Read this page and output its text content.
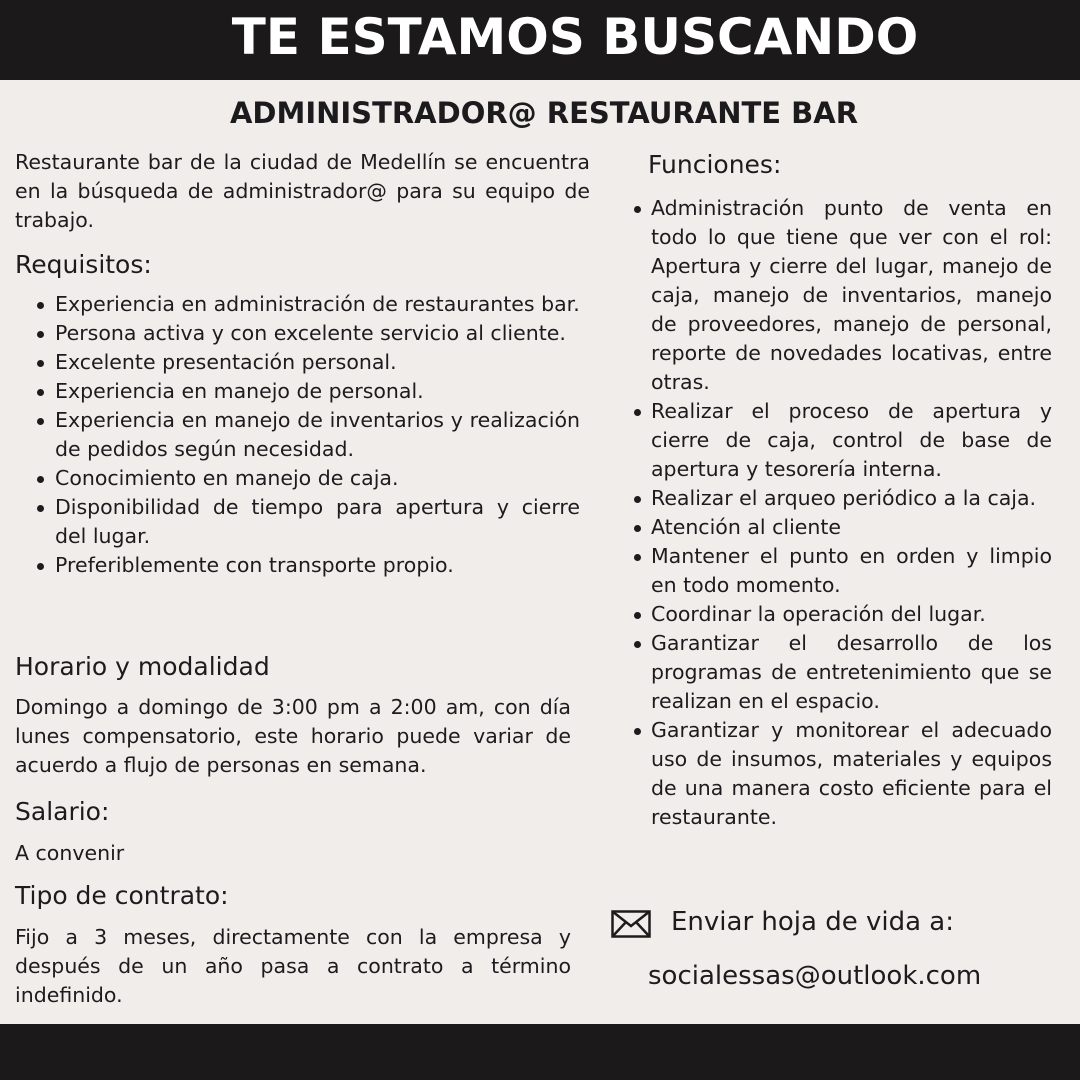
TE ESTAMOS BUSCANDO
ADMINISTRADOR@ RESTAURANTE BAR
Restaurante bar de la ciudad de Medellín se encuentra en la búsqueda de administrador@ para su equipo de trabajo.
Requisitos:
Experiencia en administración de restaurantes bar.
Persona activa y con excelente servicio al cliente.
Excelente presentación personal.
Experiencia en manejo de personal.
Experiencia en manejo de inventarios y realización de pedidos según necesidad.
Conocimiento en manejo de caja.
Disponibilidad de tiempo para apertura y cierre del lugar.
Preferiblemente con transporte propio.
Horario y modalidad
Domingo a domingo de 3:00 pm a 2:00 am, con día lunes compensatorio, este horario puede variar de acuerdo a flujo de personas en semana.
Salario:
A convenir
Tipo de contrato:
Fijo a 3 meses, directamente con la empresa y después de un año pasa a contrato a término indefinido.
Funciones:
Administración punto de venta en todo lo que tiene que ver con el rol: Apertura y cierre del lugar, manejo de caja, manejo de inventarios, manejo de proveedores, manejo de personal, reporte de novedades locativas, entre otras.
Realizar el proceso de apertura y cierre de caja, control de base de apertura y tesorería interna.
Realizar el arqueo periódico a la caja.
Atención al cliente
Mantener el punto en orden y limpio en todo momento.
Coordinar la operación del lugar.
Garantizar el desarrollo de los programas de entretenimiento que se realizan en el espacio.
Garantizar y monitorear el adecuado uso de insumos, materiales y equipos de una manera costo eficiente para el restaurante.
Enviar hoja de vida a:
socialessas@outlook.com
